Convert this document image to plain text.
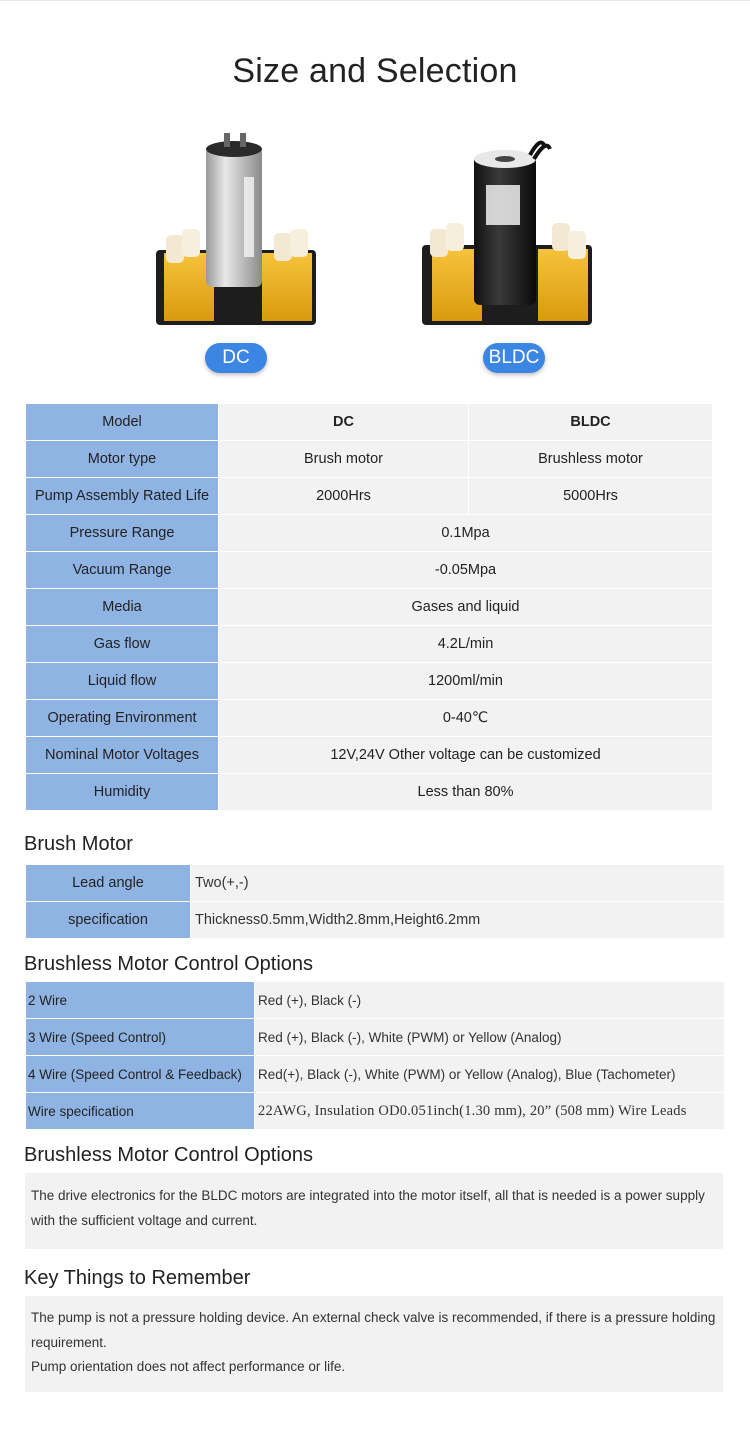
Size and Selection
DC	BLDC
Model	DC	BLDC
Motor type	Brush motor	Brushless motor
Pump Assembly Rated Life	2000Hrs	5000Hrs
Pressure Range	0.1Mpa	
Vacuum Range	-0.05Mpa	
Media	Gases and liquid	
Gas flow	4.2L/min	
Liquid flow	1200ml/min	
Operating Environment	0-40℃	
Nominal Motor Voltages	12V,24V Other voltage can be customized	
Humidity	Less than 80%	
Brush Motor
Lead angle	Two(+,-)
specification	Thickness0.5mm,Width2.8mm,Height6.2mm
Brushless Motor Control Options
2 Wire	Red (+), Black (-)
3 Wire (Speed Control)	Red (+), Black (-), White (PWM) or Yellow (Analog)
4 Wire (Speed Control & Feedback)	Red(+), Black (-), White (PWM) or Yellow (Analog), Blue (Tachometer)
Wire specification	22AWG, Insulation OD0.051inch(1.30 mm), 20” (508 mm) Wire Leads
Brushless Motor Control Options

The drive electronics for the BLDC motors are integrated into the motor itself, all that is needed is a power supply with the sufficient voltage and current.

Key Things to Remember

The pump is not a pressure holding device. An external check valve is recommended, if there is a pressure holding requirement.

Pump orientation does not affect performance or life.
